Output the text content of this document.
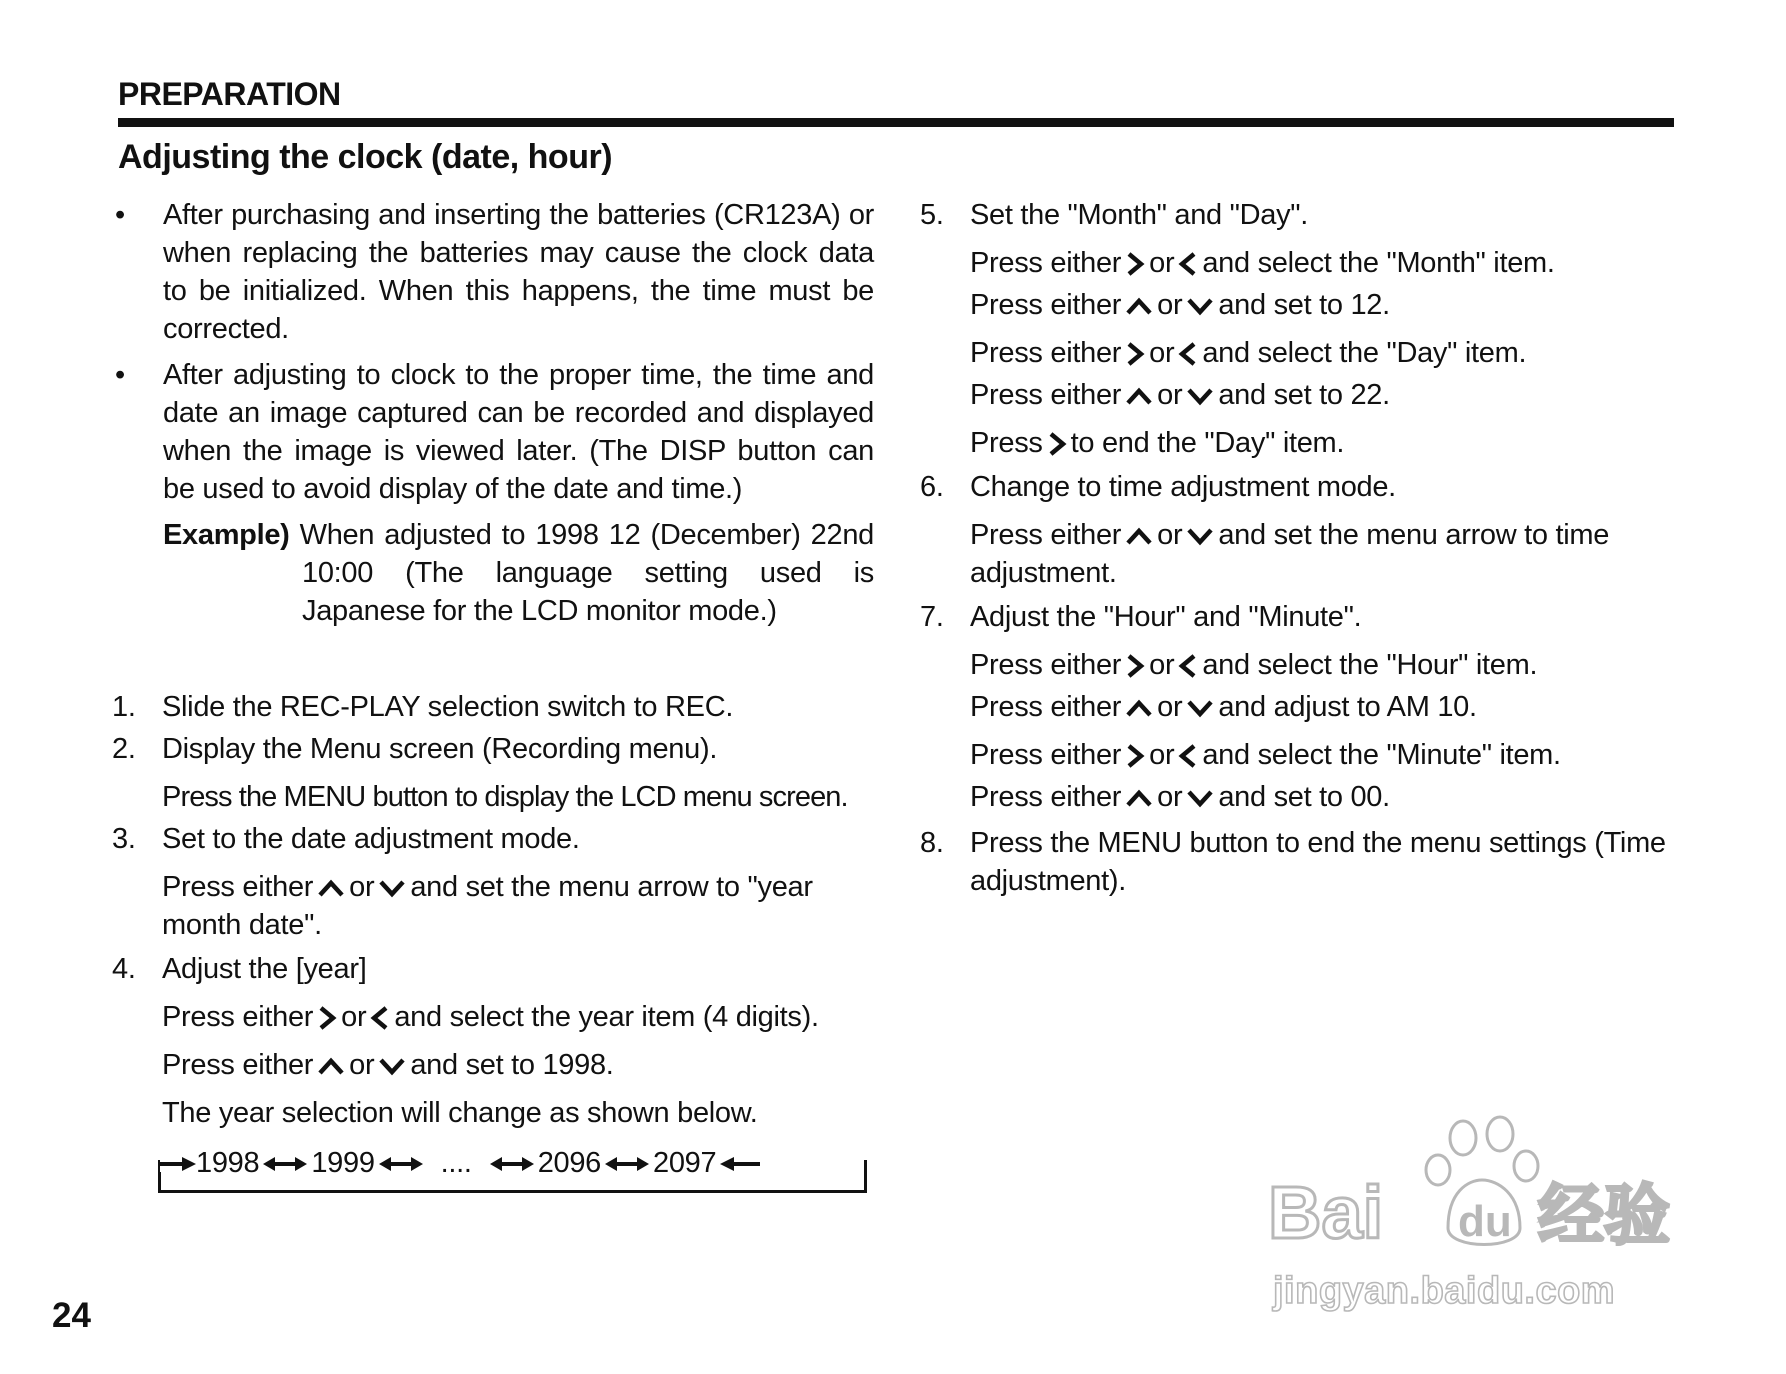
PREPARATION
Adjusting the clock (date, hour)
• After purchasing and inserting the batteries (CR123A) or when replacing the batteries may cause the clock data to be initialized. When this happens, the time must be corrected.
• After adjusting to clock to the proper time, the time and date an image captured can be recorded and displayed when the image is viewed later. (The DISP button can be used to avoid display of the date and time.)
Example) When adjusted to 1998 12 (December) 22nd 10:00 (The language setting used is Japanese for the LCD monitor mode.)
1. Slide the REC-PLAY selection switch to REC.
2. Display the Menu screen (Recording menu).
Press the MENU button to display the LCD menu screen.
3. Set to the date adjustment mode.
Press either or and set the menu arrow to "year month date".
4. Adjust the [year]
Press either or and select the year item (4 digits).
Press either or and set to 1998.
The year selection will change as shown below.
1998 1999 .... 2096 2097
5. Set the "Month" and "Day".
Press either or and select the "Month" item.
Press either or and set to 12.
Press either or and select the "Day" item.
Press either or and set to 22.
Press to end the "Day" item.
6. Change to time adjustment mode.
Press either or and set the menu arrow to time adjustment.
7. Adjust the "Hour" and "Minute".
Press either or and select the "Hour" item.
Press either or and adjust to AM 10.
Press either or and select the "Minute" item.
Press either or and set to 00.
8. Press the MENU button to end the menu settings (Time adjustment).
24
Bai du 经验
jingyan.baidu.com
